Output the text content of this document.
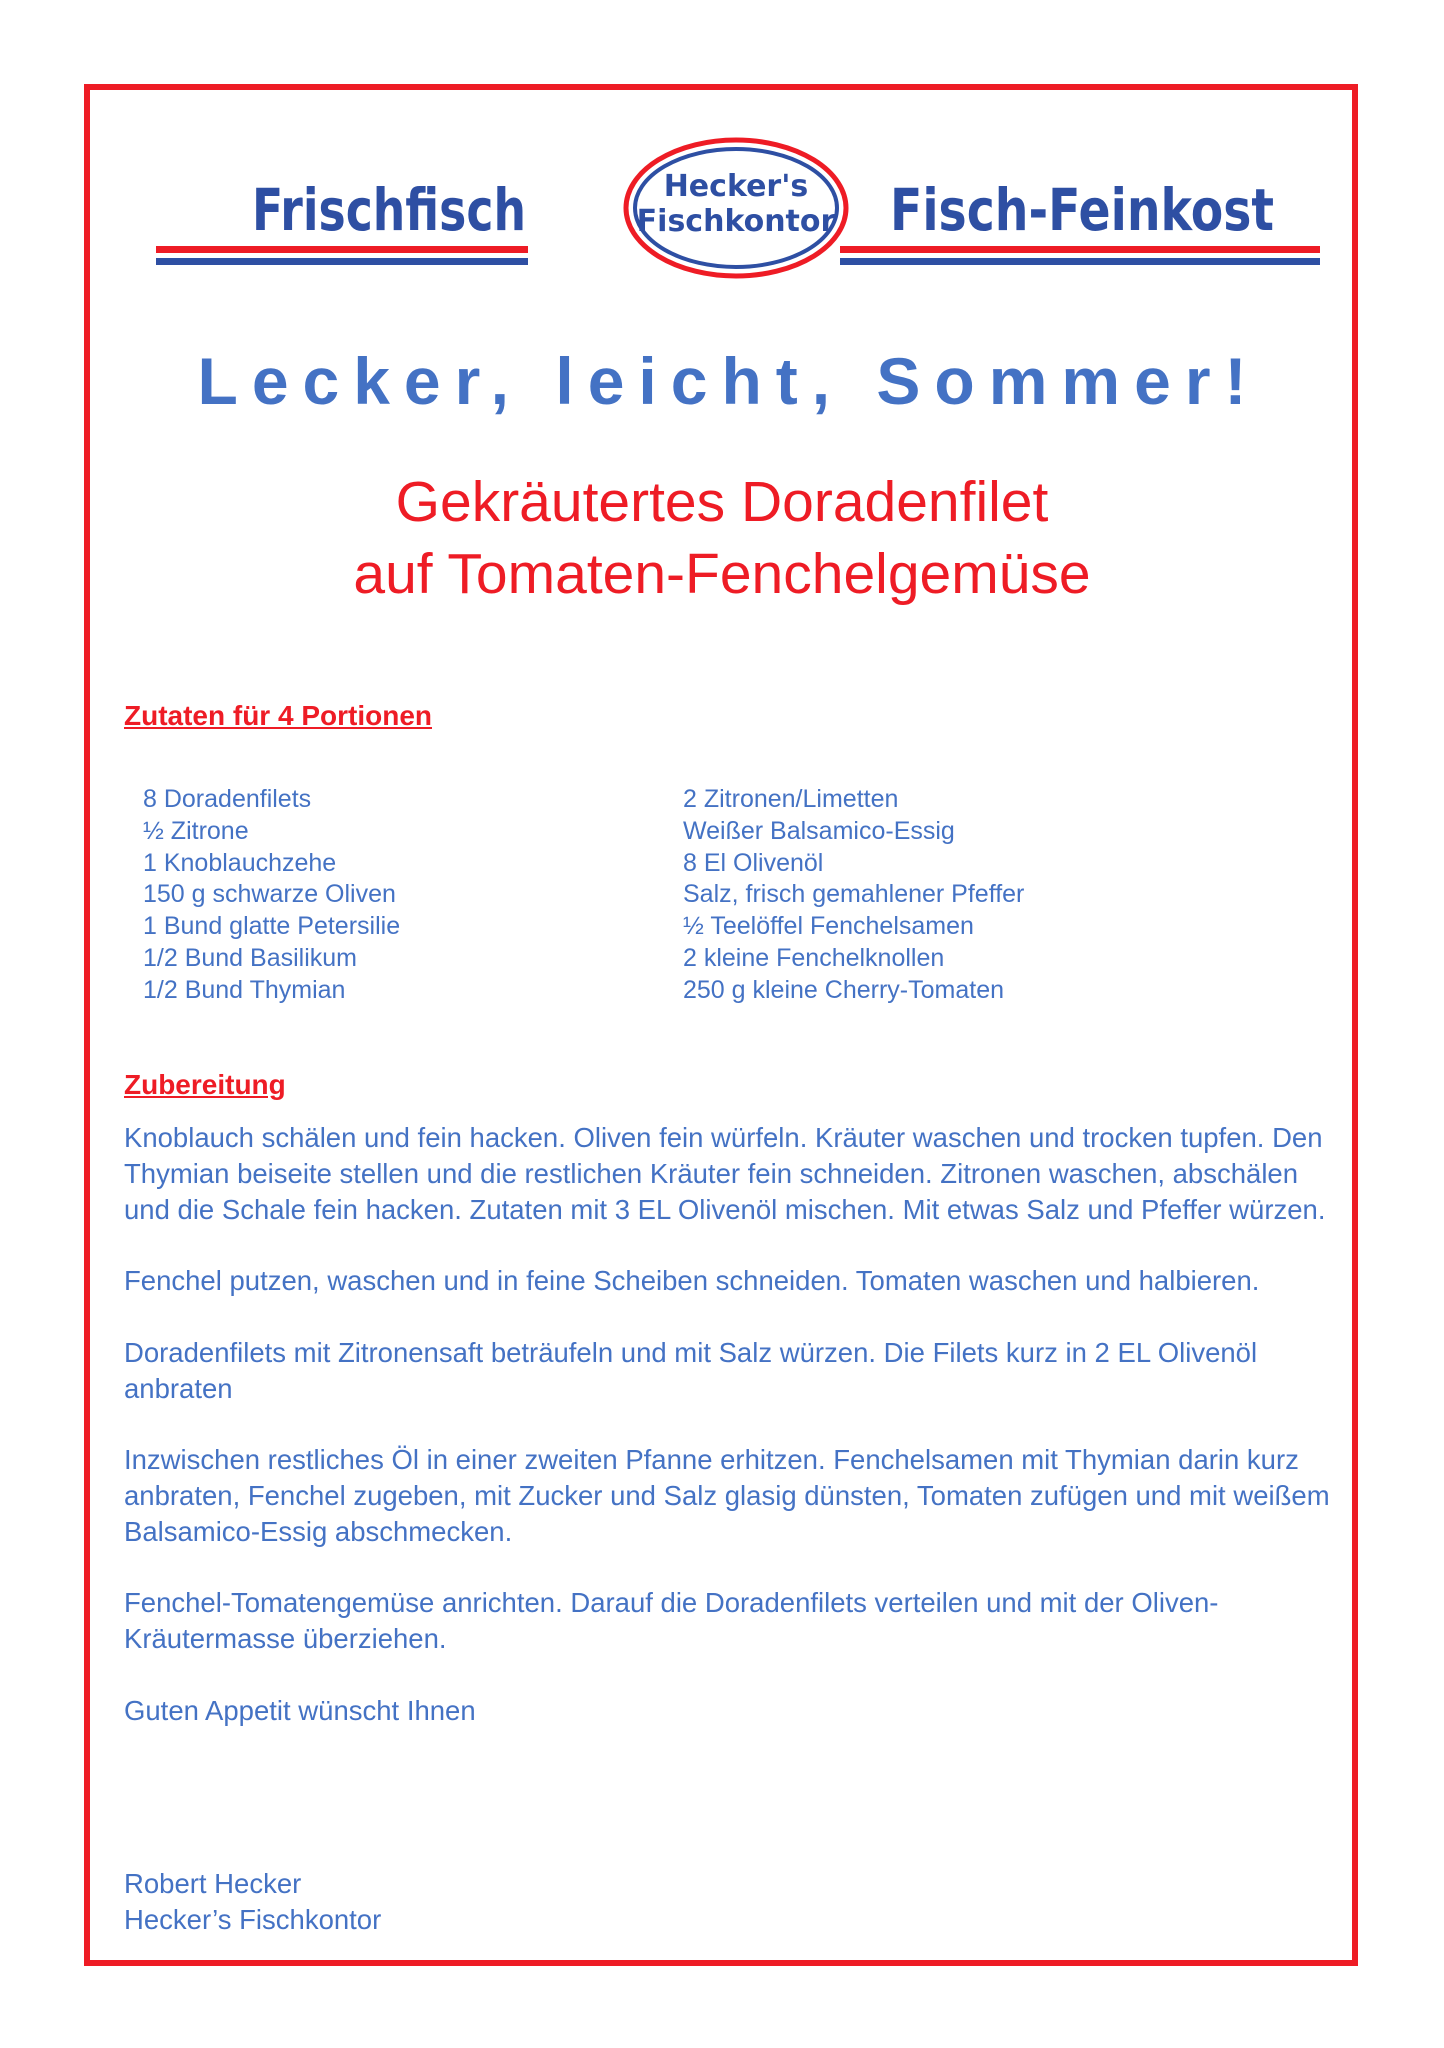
Hecker's
Fischkontor
Frischfisch	Fisch-Feinkost
Lecker, leicht, Sommer!
Gekräutertes Doradenfilet
auf Tomaten-Fenchelgemüse
Zutaten für 4 Portionen
8 Doradenfilets
½ Zitrone
1 Knoblauchzehe
150 g schwarze Oliven
1 Bund glatte Petersilie
1/2 Bund Basilikum
1/2 Bund Thymian
2 Zitronen/Limetten
Weißer Balsamico-Essig
8 El Olivenöl
Salz, frisch gemahlener Pfeffer
½ Teelöffel Fenchelsamen
2 kleine Fenchelknollen
250 g kleine Cherry-Tomaten
Zubereitung

Knoblauch schälen und fein hacken. Oliven fein würfeln. Kräuter waschen und trocken tupfen. Den Thymian beiseite stellen und die restlichen Kräuter fein schneiden. Zitronen waschen, abschälen und die Schale fein hacken. Zutaten mit 3 EL Olivenöl mischen. Mit etwas Salz und Pfeffer würzen.

Fenchel putzen, waschen und in feine Scheiben schneiden. Tomaten waschen und halbieren.

Doradenfilets mit Zitronensaft beträufeln und mit Salz würzen. Die Filets kurz in 2 EL Olivenöl anbraten

Inzwischen restliches Öl in einer zweiten Pfanne erhitzen. Fenchelsamen mit Thymian darin kurz anbraten, Fenchel zugeben, mit Zucker und Salz glasig dünsten, Tomaten zufügen und mit weißem Balsamico-Essig abschmecken.

Fenchel-Tomatengemüse anrichten. Darauf die Doradenfilets verteilen und mit der Oliven-Kräutermasse überziehen.

Guten Appetit wünscht Ihnen

Robert Hecker
Hecker’s Fischkontor
